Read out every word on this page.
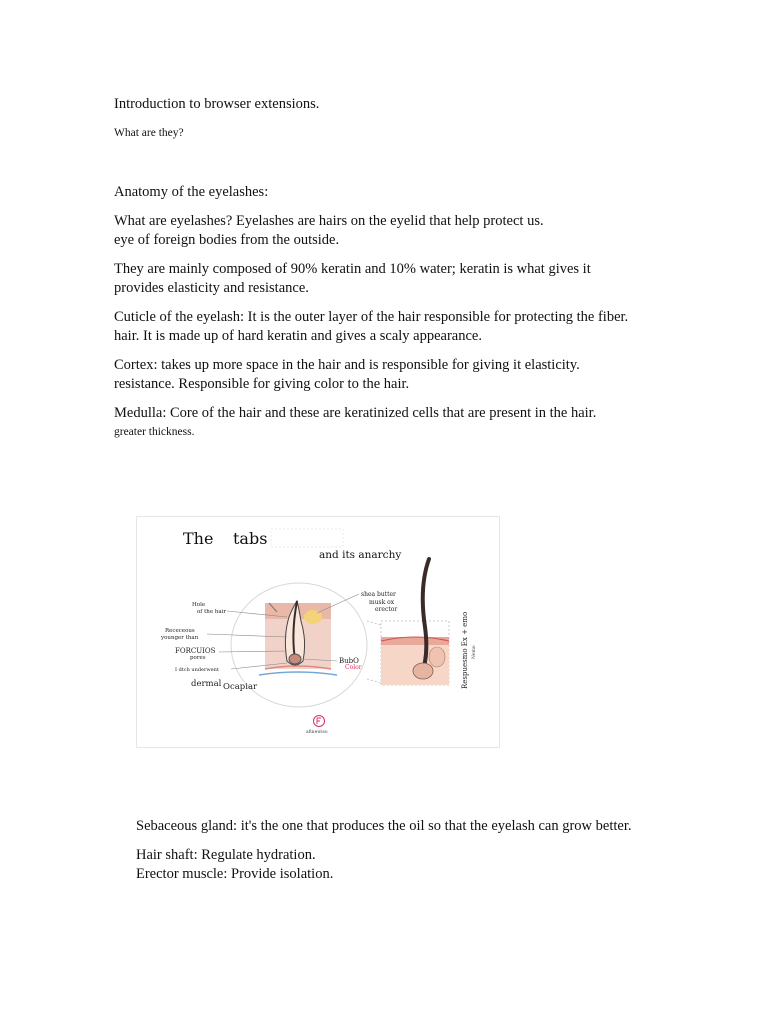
Introduction to browser extensions.

What are they?

Anatomy of the eyelashes:

What are eyelashes? Eyelashes are hairs on the eyelid that help protect us.

eye of foreign bodies from the outside.

They are mainly composed of 90% keratin and 10% water; keratin is what gives it

provides elasticity and resistance.

Cuticle of the eyelash: It is the outer layer of the hair responsible for protecting the fiber.

hair. It is made up of hard keratin and gives a scaly appearance.

Cortex: takes up more space in the hair and is responsible for giving it elasticity.

resistance. Responsible for giving color to the hair.

Medulla: Core of the hair and these are keratinized cells that are present in the hair.

greater thickness.

The tabs
and its anarchy
Hole
of the hair
Receceous
younger than
FORCUIOS
pores
I dtch underwent
dermal Ocapiar
shea butter
musk ox
erector
BubO
Color	Respuesmo Ex + emo Nemo
afinewiso

Sebaceous gland: it's the one that produces the oil so that the eyelash can grow better.

Hair shaft: Regulate hydration.

Erector muscle: Provide isolation.
